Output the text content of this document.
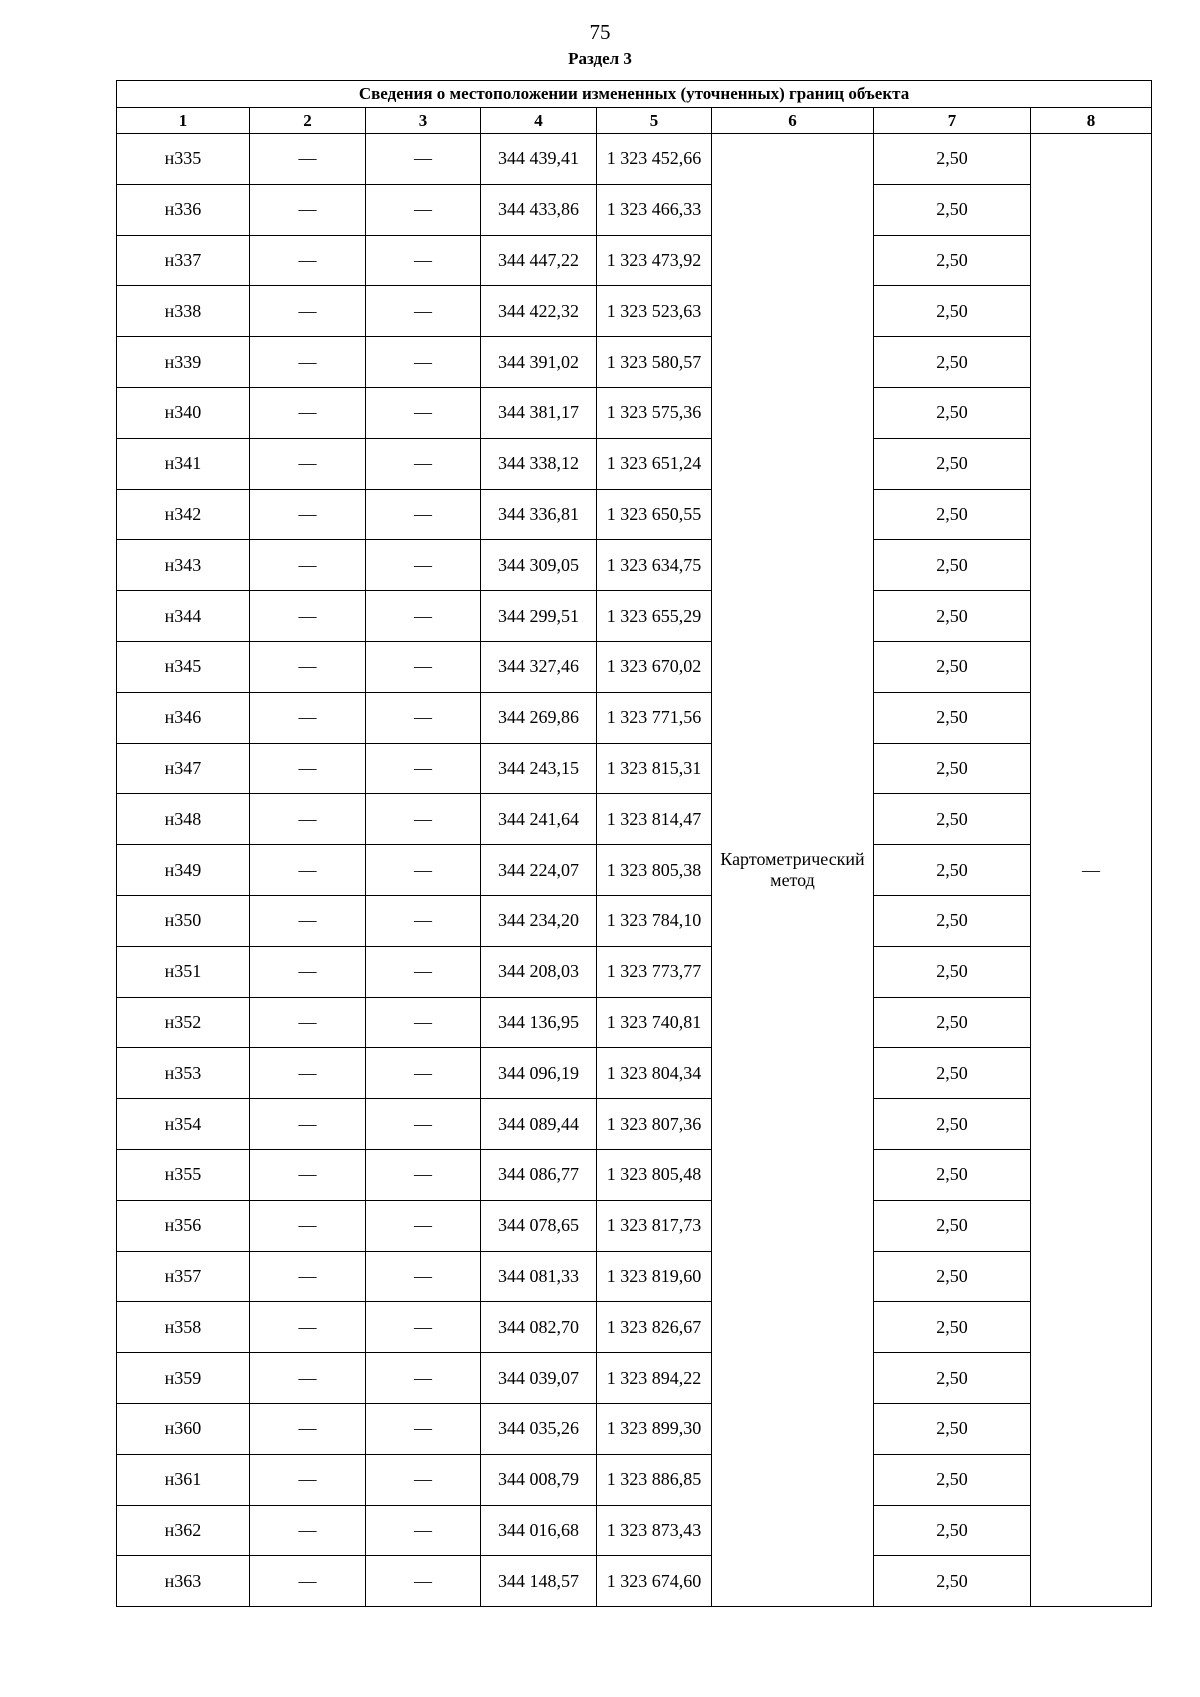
75
Раздел 3
Сведения о местоположении измененных (уточненных) границ объекта							
1	2	3	4	5	6	7	8
н335	—	—	344 439,41	1 323 452,66	Картометрический метод	2,50	—
н336	—	—	344 433,86	1 323 466,33		2,50	
н337	—	—	344 447,22	1 323 473,92		2,50	
н338	—	—	344 422,32	1 323 523,63		2,50	
н339	—	—	344 391,02	1 323 580,57		2,50	
н340	—	—	344 381,17	1 323 575,36		2,50	
н341	—	—	344 338,12	1 323 651,24		2,50	
н342	—	—	344 336,81	1 323 650,55		2,50	
н343	—	—	344 309,05	1 323 634,75		2,50	
н344	—	—	344 299,51	1 323 655,29		2,50	
н345	—	—	344 327,46	1 323 670,02		2,50	
н346	—	—	344 269,86	1 323 771,56		2,50	
н347	—	—	344 243,15	1 323 815,31		2,50	
н348	—	—	344 241,64	1 323 814,47		2,50	
н349	—	—	344 224,07	1 323 805,38		2,50	
н350	—	—	344 234,20	1 323 784,10		2,50	
н351	—	—	344 208,03	1 323 773,77		2,50	
н352	—	—	344 136,95	1 323 740,81		2,50	
н353	—	—	344 096,19	1 323 804,34		2,50	
н354	—	—	344 089,44	1 323 807,36		2,50	
н355	—	—	344 086,77	1 323 805,48		2,50	
н356	—	—	344 078,65	1 323 817,73		2,50	
н357	—	—	344 081,33	1 323 819,60		2,50	
н358	—	—	344 082,70	1 323 826,67		2,50	
н359	—	—	344 039,07	1 323 894,22		2,50	
н360	—	—	344 035,26	1 323 899,30		2,50	
н361	—	—	344 008,79	1 323 886,85		2,50	
н362	—	—	344 016,68	1 323 873,43		2,50	
н363	—	—	344 148,57	1 323 674,60		2,50	
